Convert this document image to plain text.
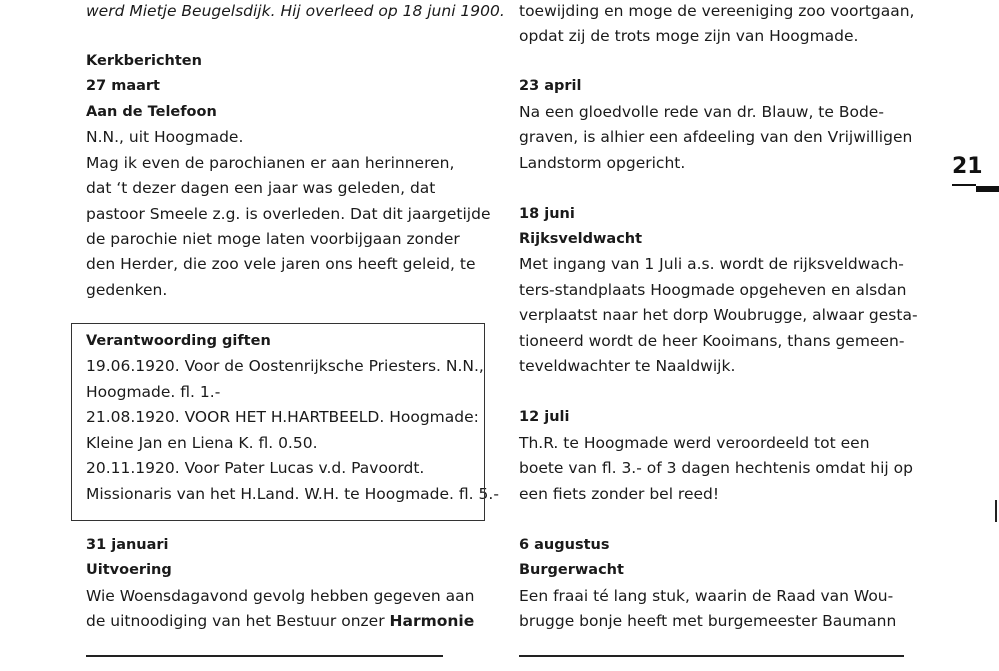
werd Mietje Beugelsdijk. Hij overleed op 18 juni 1900.
Kerkberichten
27 maart
Aan de Telefoon
N.N., uit Hoogmade.
Mag ik even de parochianen er aan herinneren,
dat ‘t dezer dagen een jaar was geleden, dat
pastoor Smeele z.g. is overleden. Dat dit jaargetijde
de parochie niet moge laten voorbijgaan zonder
den Herder, die zoo vele jaren ons heeft geleid, te
gedenken.
Verantwoording giften
19.06.1920. Voor de Oostenrijksche Priesters. N.N.,
Hoogmade. fl. 1.-
21.08.1920. VOOR HET H.HARTBEELD. Hoogmade:
Kleine Jan en Liena K. fl. 0.50.
20.11.1920. Voor Pater Lucas v.d. Pavoordt.
Missionaris van het H.Land. W.H. te Hoogmade. fl. 5.-
31 januari
Uitvoering
Wie Woensdagavond gevolg hebben gegeven aan
de uitnoodiging van het Bestuur onzer Harmonie
toewijding en moge de vereeniging zoo voortgaan,
opdat zij de trots moge zijn van Hoogmade.
23 april
Na een gloedvolle rede van dr. Blauw, te Bode-
graven, is alhier een afdeeling van den Vrijwilligen
Landstorm opgericht.
18 juni
Rijksveldwacht
Met ingang van 1 Juli a.s. wordt de rijksveldwach-
ters-standplaats Hoogmade opgeheven en alsdan
verplaatst naar het dorp Woubrugge, alwaar gesta-
tioneerd wordt de heer Kooimans, thans gemeen-
teveldwachter te Naaldwijk.
12 juli
Th.R. te Hoogmade werd veroordeeld tot een
boete van fl. 3.- of 3 dagen hechtenis omdat hij op
een fiets zonder bel reed!
6 augustus
Burgerwacht
Een fraai té lang stuk, waarin de Raad van Wou-
brugge bonje heeft met burgemeester Baumann
21
